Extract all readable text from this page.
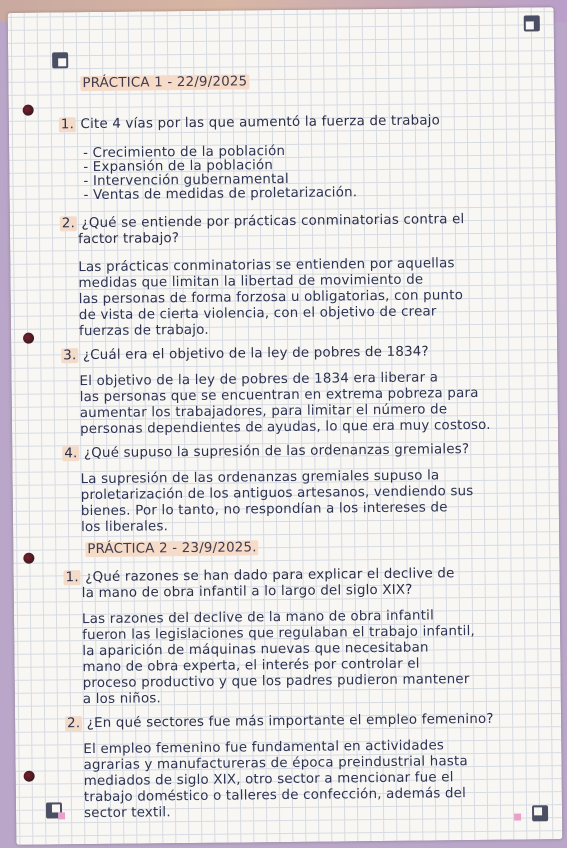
PRÁCTICA 1 - 22/9/2025
1. Cite 4 vías por las que aumentó la fuerza de trabajo
- Crecimiento de la población
- Expansión de la población
- Intervención gubernamental
- Ventas de medidas de proletarización.
2. ¿Qué se entiende por prácticas conminatorias contra el
factor trabajo?
Las prácticas conminatorias se entienden por aquellas
medidas que limitan la libertad de movimiento de
las personas de forma forzosa u obligatorias, con punto
de vista de cierta violencia, con el objetivo de crear
fuerzas de trabajo.
3. ¿Cuál era el objetivo de la ley de pobres de 1834?
El objetivo de la ley de pobres de 1834 era liberar a
las personas que se encuentran en extrema pobreza para
aumentar los trabajadores, para limitar el número de
personas dependientes de ayudas, lo que era muy costoso.
4. ¿Qué supuso la supresión de las ordenanzas gremiales?
La supresión de las ordenanzas gremiales supuso la
proletarización de los antiguos artesanos, vendiendo sus
bienes. Por lo tanto, no respondían a los intereses de
los liberales.
PRÁCTICA 2 - 23/9/2025.
1. ¿Qué razones se han dado para explicar el declive de
la mano de obra infantil a lo largo del siglo XIX?
Las razones del declive de la mano de obra infantil
fueron las legislaciones que regulaban el trabajo infantil,
la aparición de máquinas nuevas que necesitaban
mano de obra experta, el interés por controlar el
proceso productivo y que los padres pudieron mantener
a los niños.
2. ¿En qué sectores fue más importante el empleo femenino?
El empleo femenino fue fundamental en actividades
agrarias y manufactureras de época preindustrial hasta
mediados de siglo XIX, otro sector a mencionar fue el
trabajo doméstico o talleres de confección, además del
sector textil.
